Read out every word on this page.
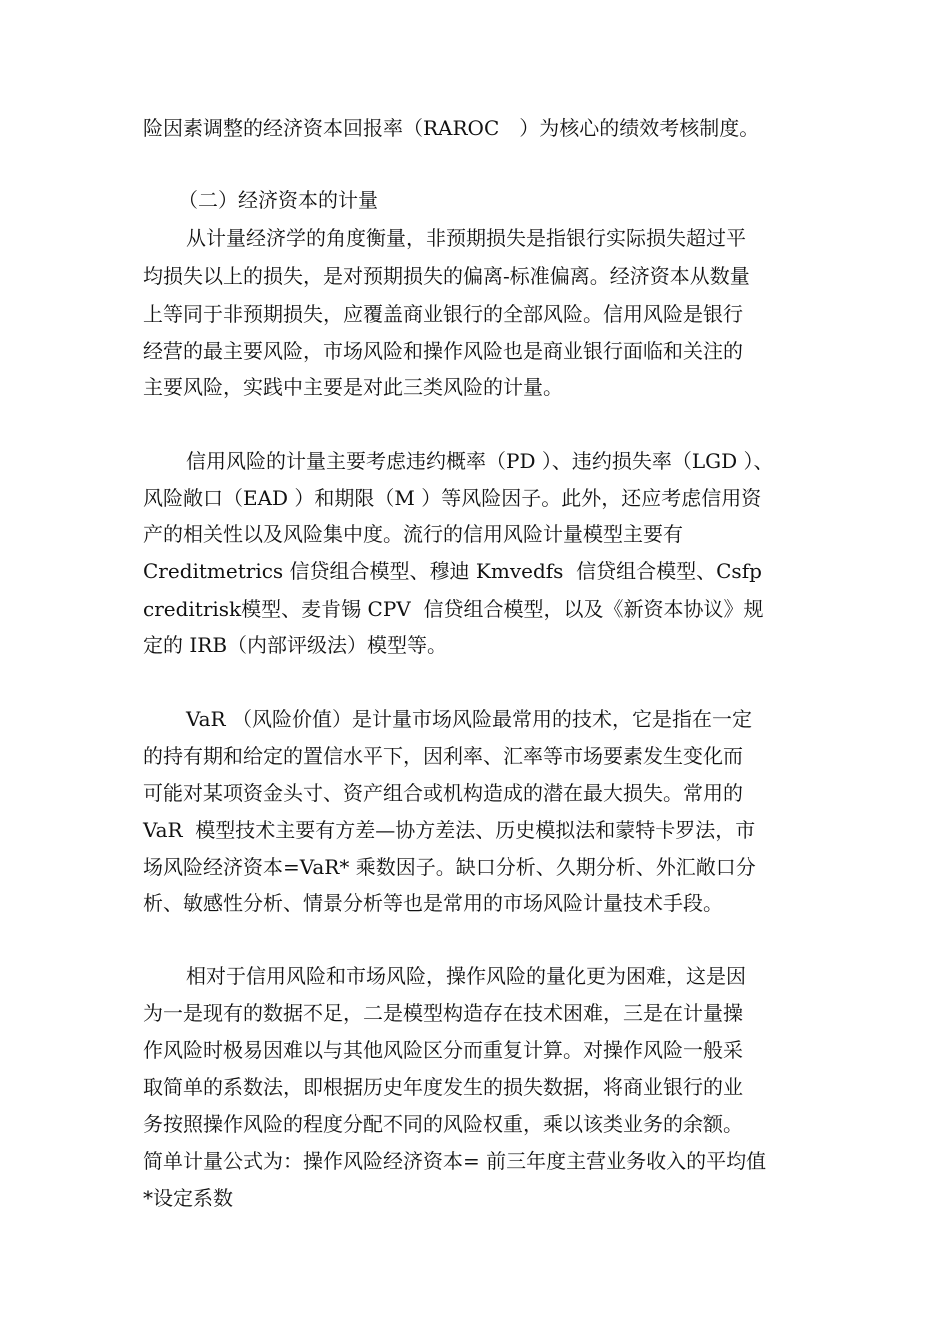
险因素调整的经济资本回报率（RAROC　）为核心的绩效考核制度。
（二）经济资本的计量
从计量经济学的角度衡量，非预期损失是指银行实际损失超过平
均损失以上的损失，是对预期损失的偏离-标准偏离。经济资本从数量
上等同于非预期损失，应覆盖商业银行的全部风险。信用风险是银行
经营的最主要风险，市场风险和操作风险也是商业银行面临和关注的
主要风险，实践中主要是对此三类风险的计量。
信用风险的计量主要考虑违约概率（PD ）、违约损失率（LGD ）、
风险敞口（EAD ）和期限（M ）等风险因子。此外，还应考虑信用资
产的相关性以及风险集中度。流行的信用风险计量模型主要有
Creditmetrics 信贷组合模型、穆迪 Kmvedfs  信贷组合模型、Csfp
creditrisk模型、麦肯锡 CPV  信贷组合模型，以及《新资本协议》规
定的 IRB（内部评级法）模型等。
VaR （风险价值）是计量市场风险最常用的技术，它是指在一定
的持有期和给定的置信水平下，因利率、汇率等市场要素发生变化而
可能对某项资金头寸、资产组合或机构造成的潜在最大损失。常用的
VaR  模型技术主要有方差—协方差法、历史模拟法和蒙特卡罗法，市
场风险经济资本=VaR* 乘数因子。缺口分析、久期分析、外汇敞口分
析、敏感性分析、情景分析等也是常用的市场风险计量技术手段。
相对于信用风险和市场风险，操作风险的量化更为困难，这是因
为一是现有的数据不足，二是模型构造存在技术困难，三是在计量操
作风险时极易因难以与其他风险区分而重复计算。对操作风险一般采
取简单的系数法，即根据历史年度发生的损失数据，将商业银行的业
务按照操作风险的程度分配不同的风险权重，乘以该类业务的余额。
简单计量公式为：操作风险经济资本= 前三年度主营业务收入的平均值
*设定系数
